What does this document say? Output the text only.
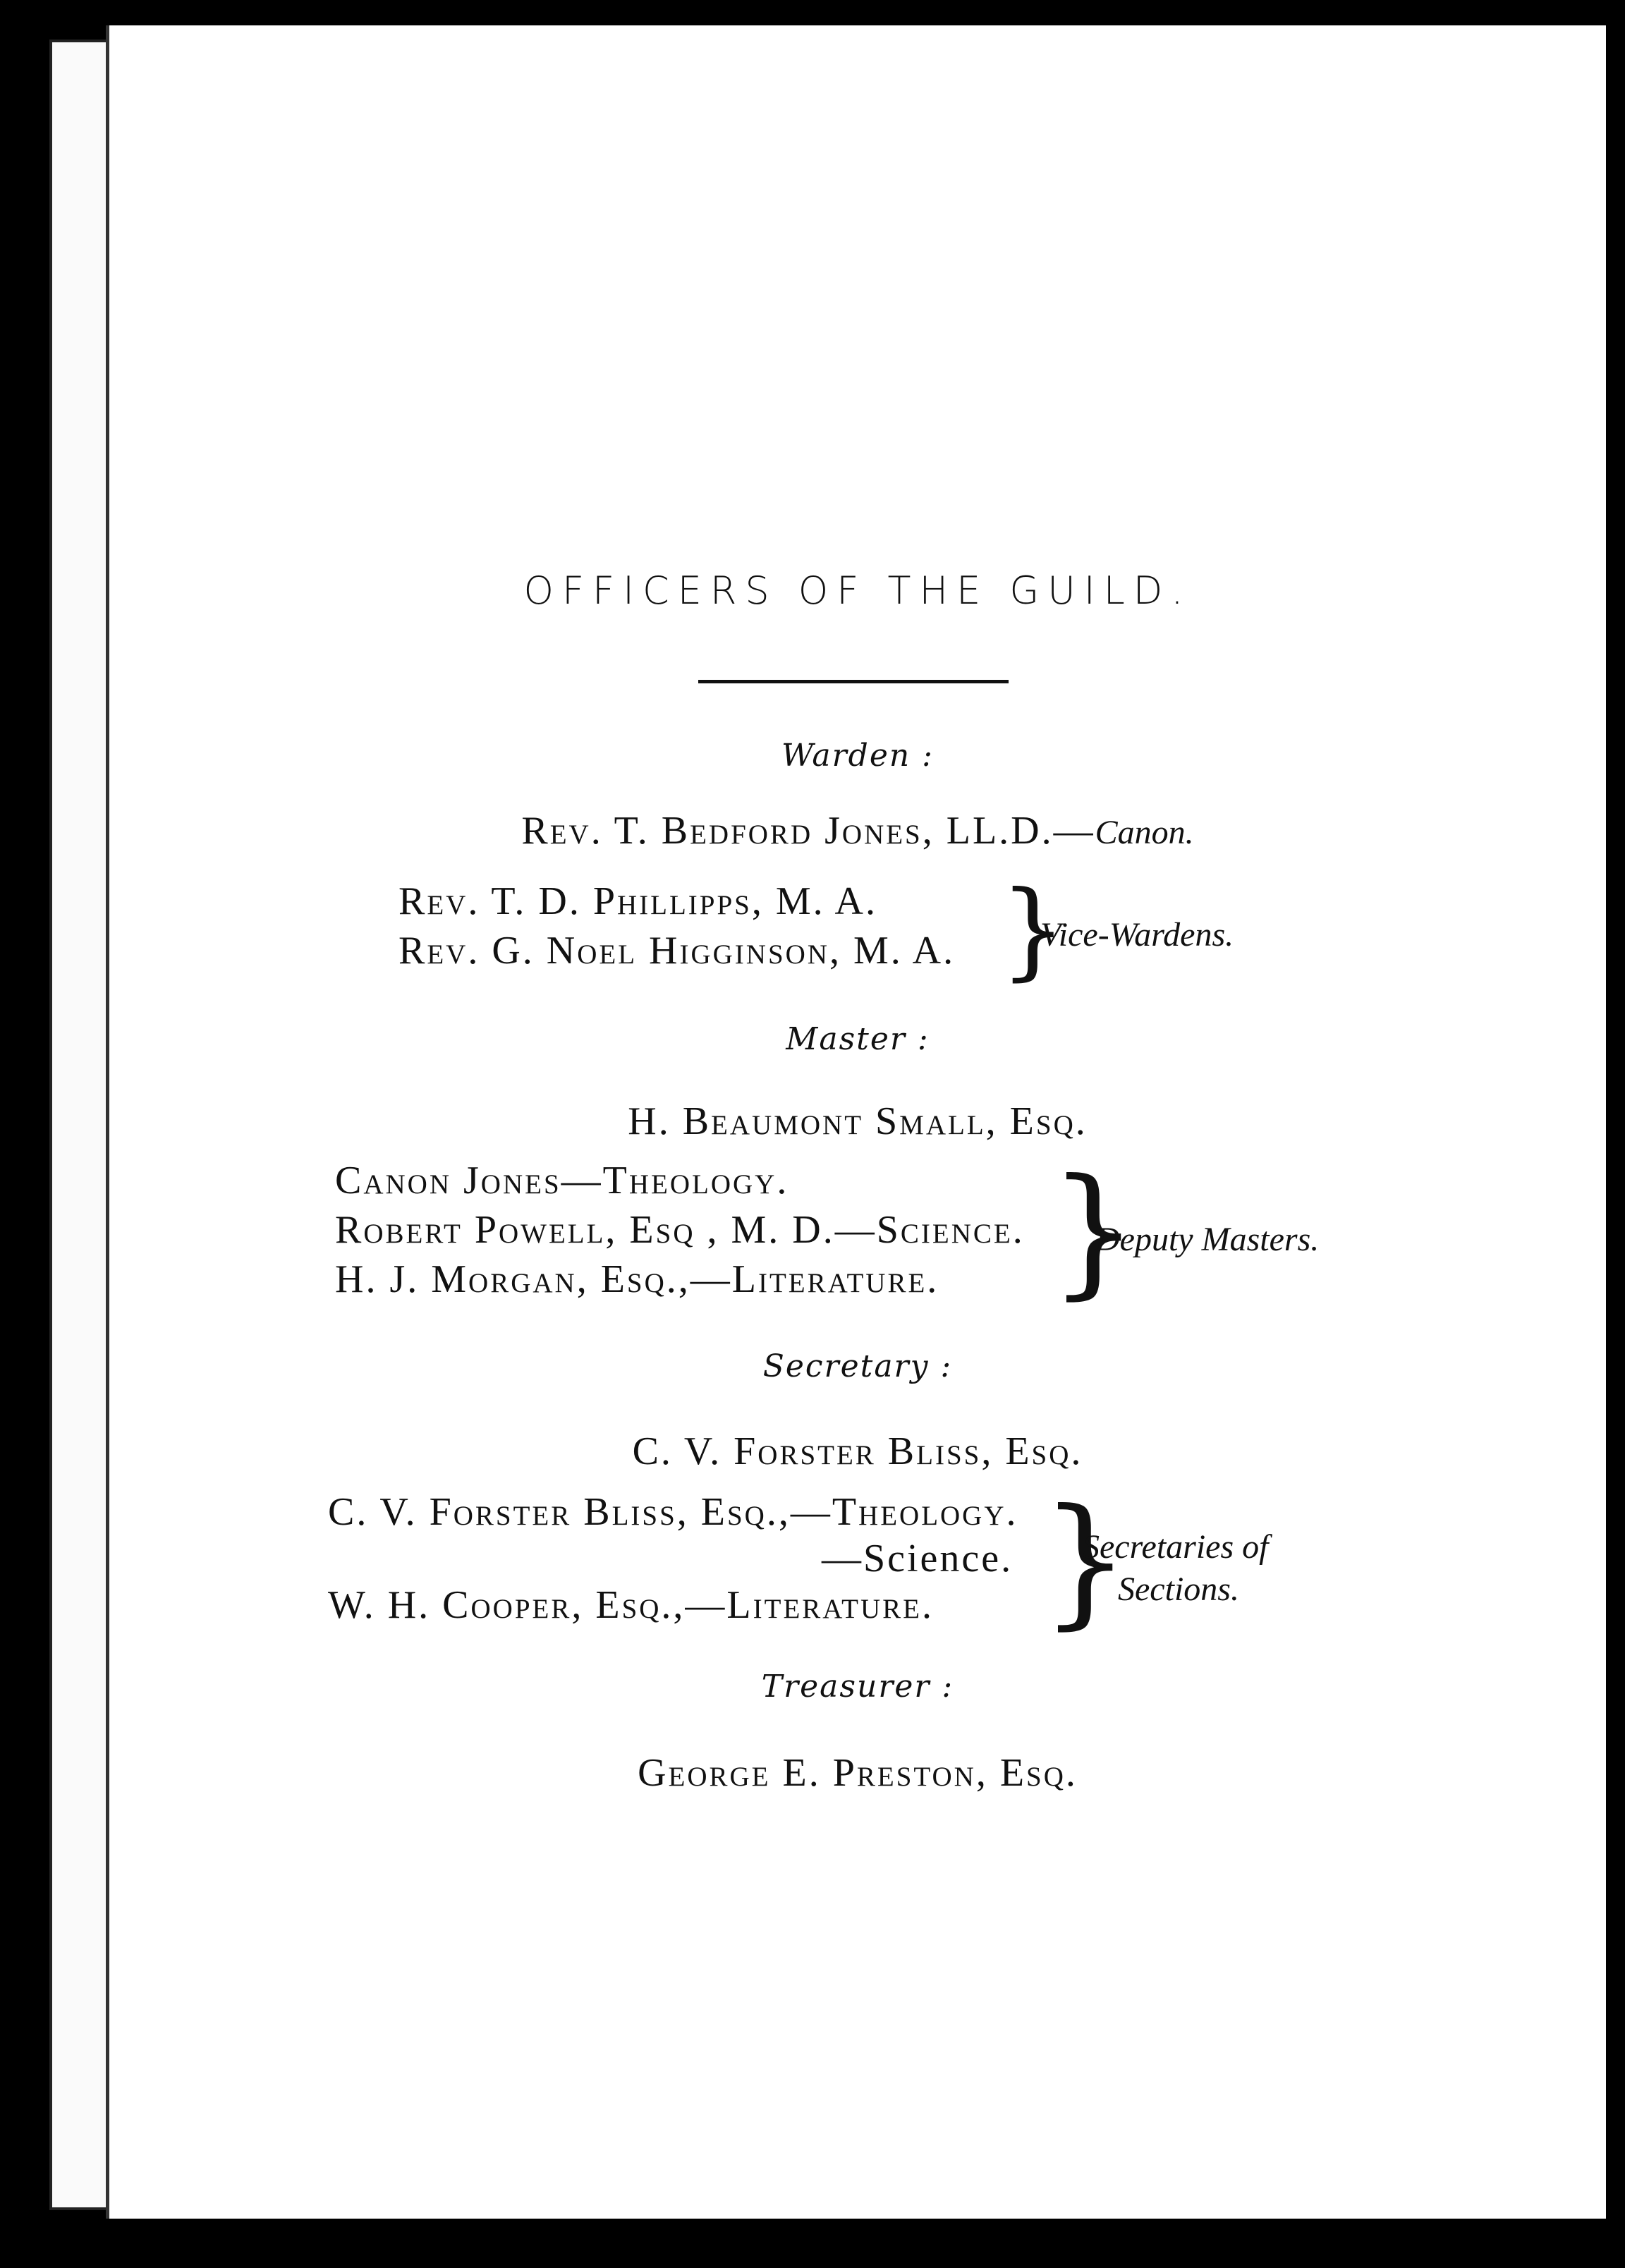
OFFICERS OF THE GUILD.
Warden :
Rev. T. Bedford Jones, LL.D.—Canon.
Rev. T. D. Phillipps, M. A.
Rev. G. Noel Higginson, M. A. }
Vice-Wardens.
Master :
H. Beaumont Small, Esq.
Canon Jones—Theology.
Robert Powell, Esq , M. D.—Science.
H. J. Morgan, Esq.,—Literature. }
Deputy Masters.
Secretary :
C. V. Forster Bliss, Esq.
C. V. Forster Bliss, Esq.,—Theology.
—Science.
W. H. Cooper, Esq.,—Literature. }
Secretaries of
Sections.
Treasurer :
George E. Preston, Esq.
